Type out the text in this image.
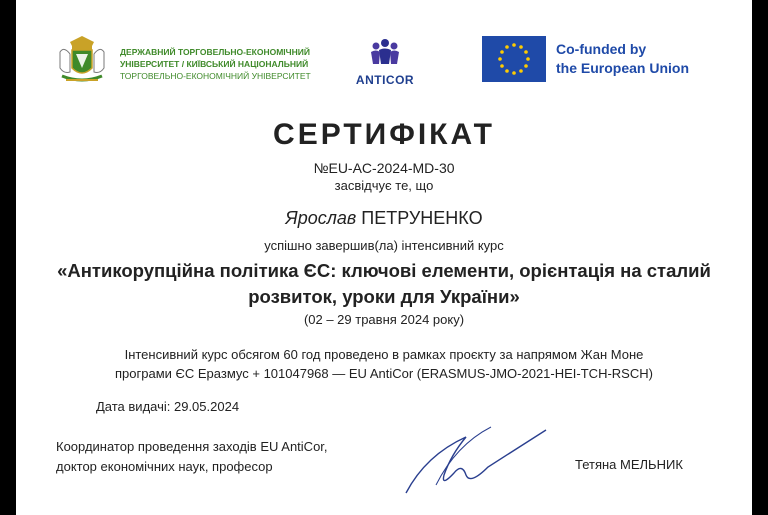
ДЕРЖАВНИЙ ТОРГОВЕЛЬНО-ЕКОНОМІЧНИЙ
УНІВЕРСИТЕТ / КИЇВСЬКИЙ НАЦІОНАЛЬНИЙ
ТОРГОВЕЛЬНО-ЕКОНОМІЧНИЙ УНІВЕРСИТЕТ	ANTICOR
Co-funded by
the European Union
СЕРТИФІКАТ
№EU-AC-2024-MD-30
засвідчує те, що
Ярослав ПЕТРУНЕНКО
успішно завершив(ла) інтенсивний курс
«Антикорупційна політика ЄС: ключові елементи, орієнтація на сталий
розвиток, уроки для України»
(02 – 29 травня 2024 року)
Інтенсивний курс обсягом 60 год проведено в рамках проєкту за напрямом Жан Моне
програми ЄС Еразмус + 101047968 — EU AntiCor (ERASMUS-JMO-2021-HEI-TCH-RSCH)
Дата видачі: 29.05.2024
Координатор проведення заходів EU AntiCor,
доктор економічних наук, професор	Тетяна МЕЛЬНИК
